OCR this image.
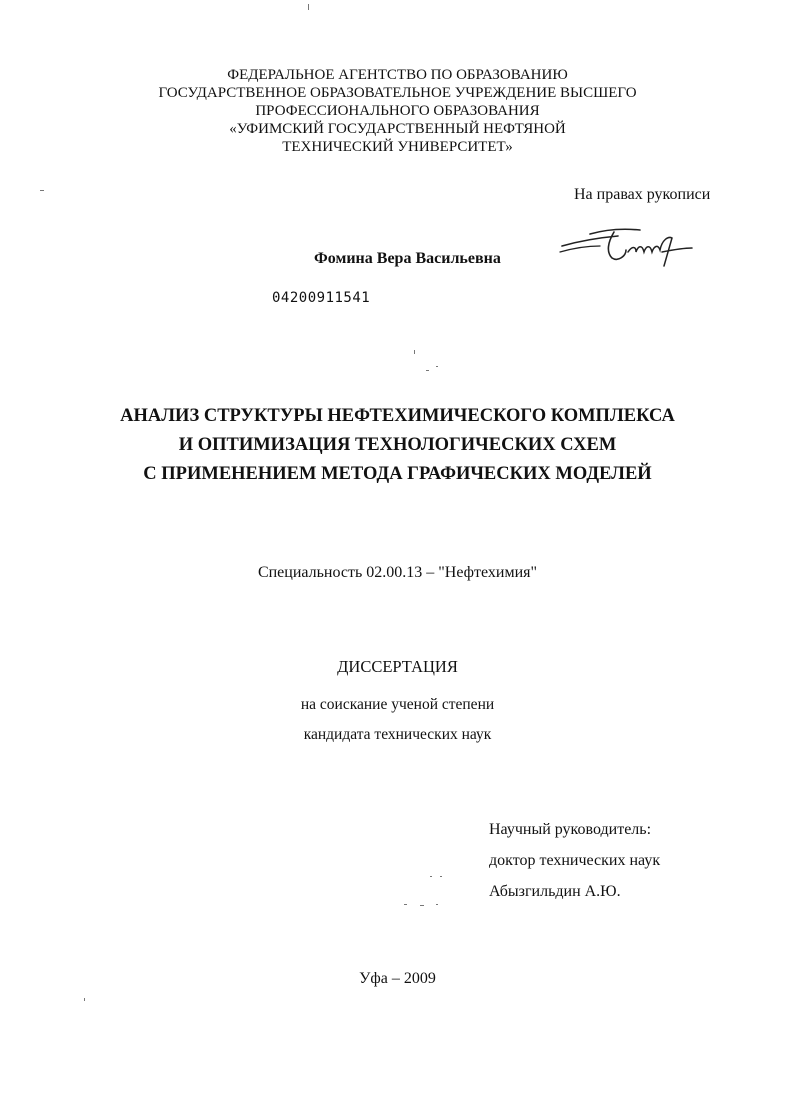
ФЕДЕРАЛЬНОЕ АГЕНТСТВО ПО ОБРАЗОВАНИЮ
ГОСУДАРСТВЕННОЕ ОБРАЗОВАТЕЛЬНОЕ УЧРЕЖДЕНИЕ ВЫСШЕГО
ПРОФЕССИОНАЛЬНОГО ОБРАЗОВАНИЯ
«УФИМСКИЙ ГОСУДАРСТВЕННЫЙ НЕФТЯНОЙ
ТЕХНИЧЕСКИЙ УНИВЕРСИТЕТ»
На правах рукописи
Фомина Вера Васильевна
04200911541
АНАЛИЗ СТРУКТУРЫ НЕФТЕХИМИЧЕСКОГО КОМПЛЕКСА
И ОПТИМИЗАЦИЯ ТЕХНОЛОГИЧЕСКИХ СХЕМ
С ПРИМЕНЕНИЕМ МЕТОДА ГРАФИЧЕСКИХ МОДЕЛЕЙ
Специальность 02.00.13 – "Нефтехимия"
ДИССЕРТАЦИЯ
на соискание ученой степени
кандидата технических наук
Научный руководитель:
доктор технических наук
Абызгильдин А.Ю.
Уфа – 2009
